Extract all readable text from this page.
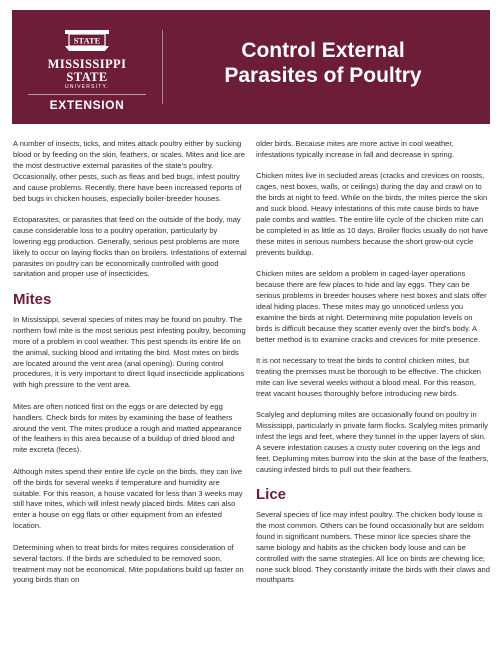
STATE
MISSISSIPPI STATE
UNIVERSITY.
EXTENSION
Control External
Parasites of Poultry

A number of insects, ticks, and mites attack poultry either by sucking blood or by feeding on the skin, feathers, or scales. Mites and lice are the most destructive external parasites of the state's poultry. Occasionally, other pests, such as fleas and bed bugs, infest poultry and cause problems. Recently, there have been increased reports of bed bugs in chicken houses, especially boiler-breeder houses.

Ectoparasites, or parasites that feed on the outside of the body, may cause considerable loss to a poultry operation, particularly by lowering egg production. Generally, serious pest problems are more likely to occur on laying flocks than on broilers. Infestations of external parasites on poultry can be economically controlled with good sanitation and proper use of insecticides.

Mites

In Mississippi, several species of mites may be found on poultry. The northern fowl mite is the most serious pest infesting poultry, becoming more of a problem in cool weather. This pest spends its entire life on the animal, sucking blood and irritating the bird. Most mites on birds are located around the vent area (anal opening). During control procedures, it is very important to direct liquid insecticide applications with high pressure to the vent area.

Mites are often noticed first on the eggs or are detected by egg handlers. Check birds for mites by examining the base of feathers around the vent. The mites produce a rough and matted appearance of the feathers in this area because of a buildup of dried blood and mite excreta (feces).

Although mites spend their entire life cycle on the birds, they can live off the birds for several weeks if temperature and humidity are suitable. For this reason, a house vacated for less than 3 weeks may still have mites, which will infest newly placed birds. Mites can also enter a house on egg flats or other equipment from an infested location.

Determining when to treat birds for mites requires consideration of several factors. If the birds are scheduled to be removed soon, treatment may not be economical. Mite populations build up faster on young birds than on

older birds. Because mites are more active in cool weather, infestations typically increase in fall and decrease in spring.

Chicken mites live in secluded areas (cracks and crevices on roosts, cages, nest boxes, walls, or ceilings) during the day and crawl on to the birds at night to feed. While on the birds, the mites pierce the skin and suck blood. Heavy infestations of this mite cause birds to have pale combs and wattles. The entire life cycle of the chicken mite can be completed in as little as 10 days. Broiler flocks usually do not have these mites in serious numbers because the short grow-out cycle prevents buildup.

Chicken mites are seldom a problem in caged-layer operations because there are few places to hide and lay eggs. They can be serious problems in breeder houses where nest boxes and slats offer ideal hiding places. These mites may go unnoticed unless you examine the birds at night. Determining mite population levels on birds is difficult because they scatter evenly over the bird's body. A better method is to examine cracks and crevices for mite presence.

It is not necessary to treat the birds to control chicken mites, but treating the premises must be thorough to be effective. The chicken mite can live several weeks without a blood meal. For this reason, treat vacant houses thoroughly before introducing new birds.

Scalyleg and depluming mites are occasionally found on poultry in Mississippi, particularly in private farm flocks. Scalyleg mites primarily infest the legs and feet, where they tunnel in the upper layers of skin. A severe infestation causes a crusty outer covering on the legs and feet. Depluming mites burrow into the skin at the base of the feathers, causing infested birds to pull out their feathers.

Lice

Several species of lice may infest poultry. The chicken body louse is the most common. Others can be found occasionally but are seldom found in significant numbers. These minor lice species share the same biology and habits as the chicken body louse and can be controlled with the same strategies. All lice on birds are chewing lice; none suck blood. They constantly irritate the birds with their claws and mouthparts
